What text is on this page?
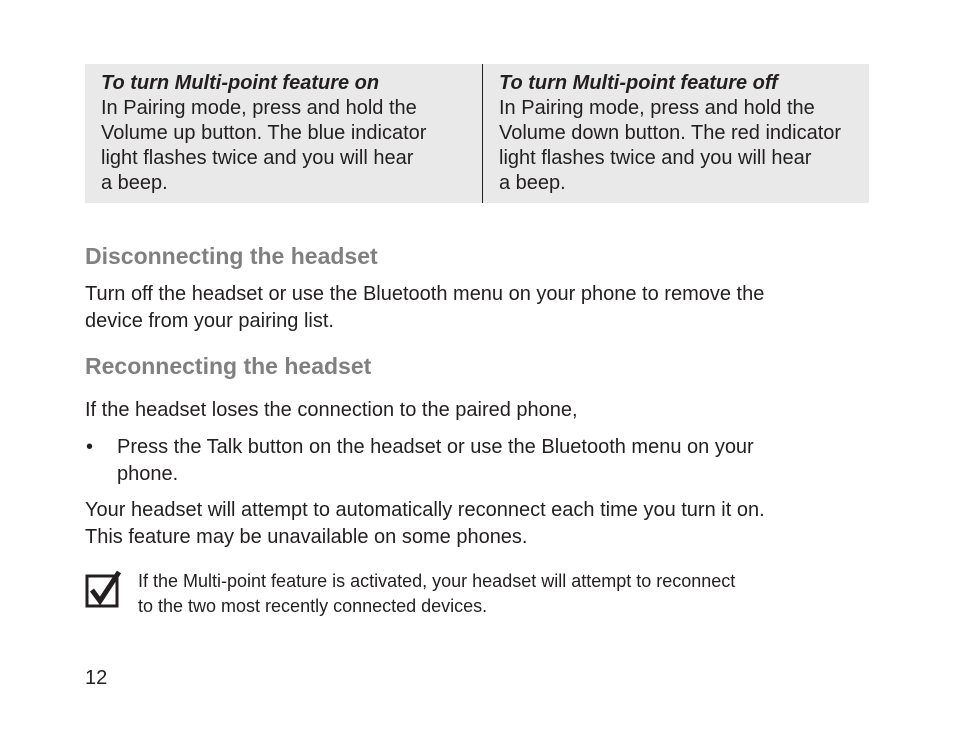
To turn Multi-point feature on
In Pairing mode, press and hold the
Volume up button. The blue indicator
light flashes twice and you will hear
a beep.
To turn Multi-point feature off
In Pairing mode, press and hold the
Volume down button. The red indicator
light flashes twice and you will hear
a beep.
Disconnecting the headset
Turn off the headset or use the Bluetooth menu on your phone to remove the
device from your pairing list.
Reconnecting the headset
If the headset loses the connection to the paired phone,
• Press the Talk button on the headset or use the Bluetooth menu on your
phone.
Your headset will attempt to automatically reconnect each time you turn it on.
This feature may be unavailable on some phones.
If the Multi-point feature is activated, your headset will attempt to reconnect
to the two most recently connected devices.
12
